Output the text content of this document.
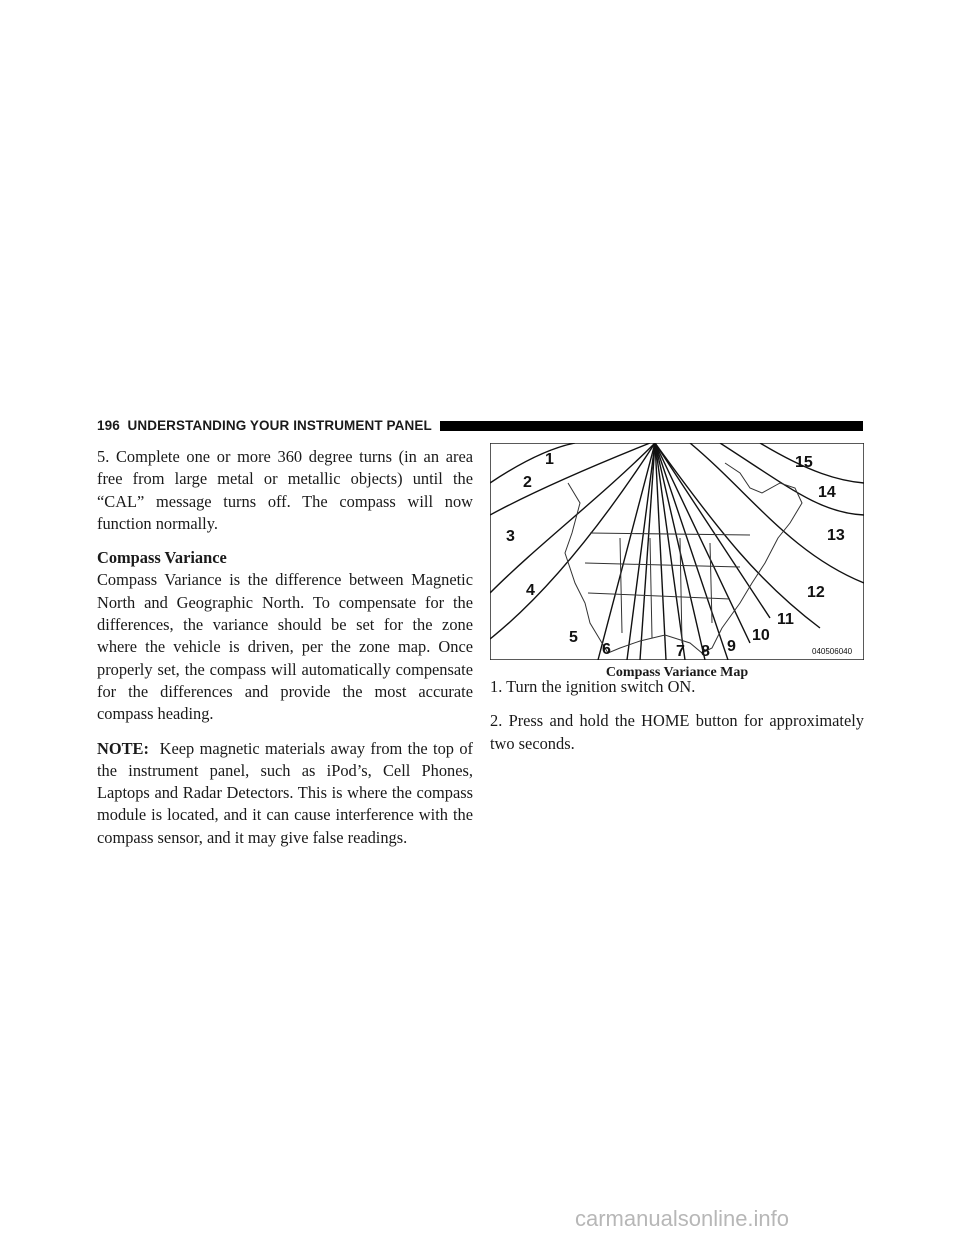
196 UNDERSTANDING YOUR INSTRUMENT PANEL

5. Complete one or more 360 degree turns (in an area free from large metal or metallic objects) until the “CAL” message turns off. The compass will now function normally.

Compass Variance

Compass Variance is the difference between Magnetic North and Geographic North. To compensate for the differences, the variance should be set for the zone where the vehicle is driven, per the zone map. Once properly set, the compass will automatically compensate for the differences and provide the most accurate compass heading.

NOTE: Keep magnetic materials away from the top of the instrument panel, such as iPod’s, Cell Phones, Laptops and Radar Detectors. This is where the compass module is located, and it can cause interference with the compass sensor, and it may give false readings.

1
2
3
4
5
6	7 8 9
10
11
12
13
14
15
040506040
Compass Variance Map

1. Turn the ignition switch ON.

2. Press and hold the HOME button for approximately two seconds.

carmanualsonline.info
